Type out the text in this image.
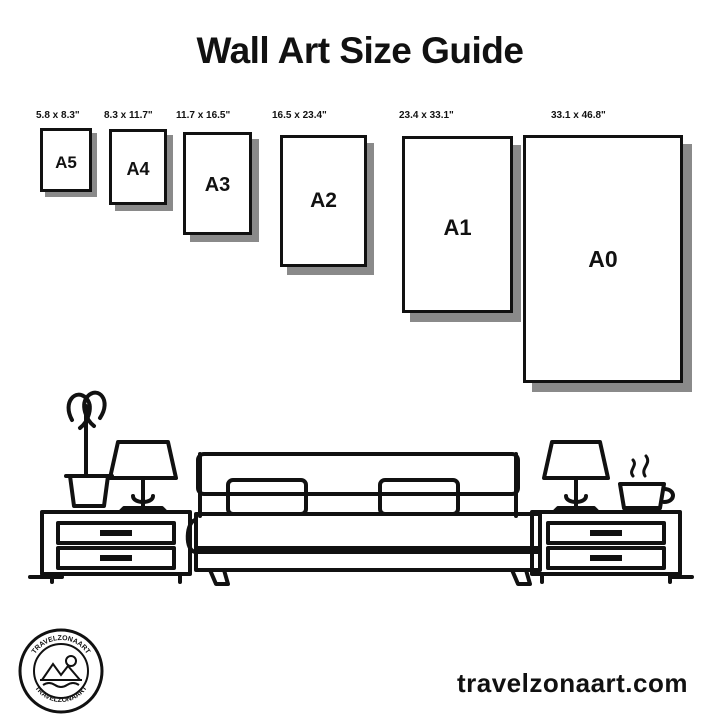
Wall Art Size Guide
5.8 x 8.3"
A5
8.3 x 11.7"
A4
11.7 x 16.5"
A3
16.5 x 23.4"
A2
23.4 x 33.1"
A1
33.1 x 46.8"
A0
TRAVELZONAART
TRAVELZONAART	travelzonaart.com
